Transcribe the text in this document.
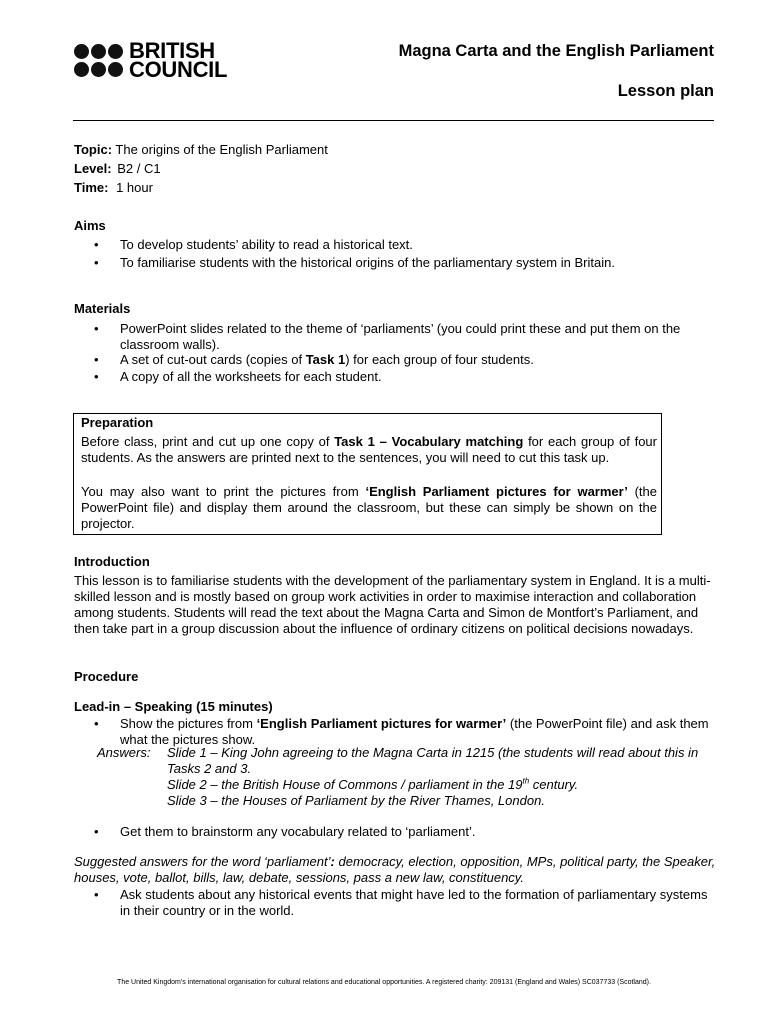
BRITISH
COUNCIL
Magna Carta and the English Parliament
Lesson plan
Topic: The origins of the English Parliament
Level: B2 / C1
Time: 1 hour
Aims
• To develop students’ ability to read a historical text.
• To familiarise students with the historical origins of the parliamentary system in Britain.
Materials
• PowerPoint slides related to the theme of ‘parliaments’ (you could print these and put them on the classroom walls).
• A set of cut-out cards (copies of Task 1) for each group of four students.
• A copy of all the worksheets for each student.
Preparation
Before class, print and cut up one copy of Task 1 – Vocabulary matching for each group of four students. As the answers are printed next to the sentences, you will need to cut this task up.
You may also want to print the pictures from ‘English Parliament pictures for warmer’ (the PowerPoint file) and display them around the classroom, but these can simply be shown on the projector.
Introduction
This lesson is to familiarise students with the development of the parliamentary system in England. It is a multi-skilled lesson and is mostly based on group work activities in order to maximise interaction and collaboration among students. Students will read the text about the Magna Carta and Simon de Montfort’s Parliament, and then take part in a group discussion about the influence of ordinary citizens on political decisions nowadays.
Procedure
Lead-in – Speaking (15 minutes)
• Show the pictures from ‘English Parliament pictures for warmer’ (the PowerPoint file) and ask them what the pictures show.
Answers: Slide 1 – King John agreeing to the Magna Carta in 1215 (the students will read about this in Tasks 2 and 3.
Slide 2 – the British House of Commons / parliament in the 19th century.
Slide 3 – the Houses of Parliament by the River Thames, London.
• Get them to brainstorm any vocabulary related to ‘parliament’.
Suggested answers for the word ‘parliament’: democracy, election, opposition, MPs, political party, the Speaker, houses, vote, ballot, bills, law, debate, sessions, pass a new law, constituency.
• Ask students about any historical events that might have led to the formation of parliamentary systems in their country or in the world.
The United Kingdom’s international organisation for cultural relations and educational opportunities. A registered charity: 209131 (England and Wales) SC037733 (Scotland).
